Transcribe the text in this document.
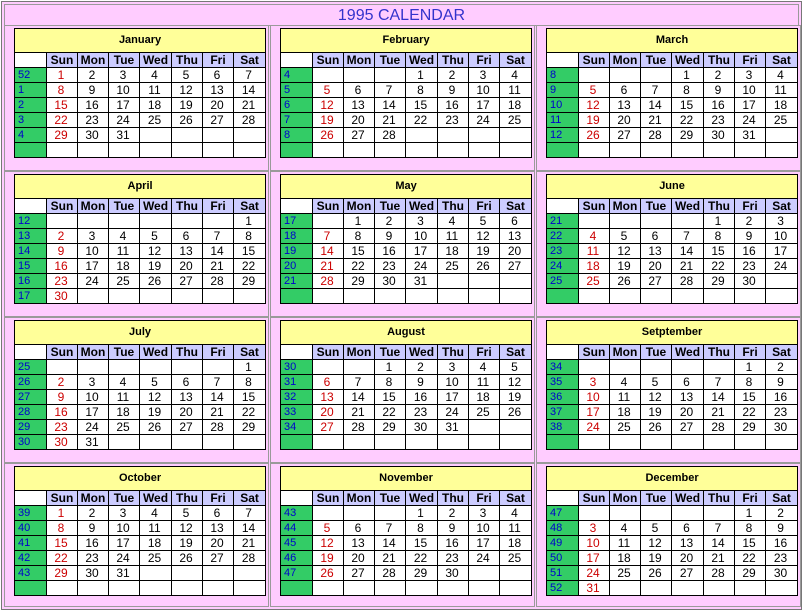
1995 CALENDAR
January							
	Sun	Mon	Tue	Wed	Thu	Fri	Sat
52	1	2	3	4	5	6	7
1	8	9	10	11	12	13	14
2	15	16	17	18	19	20	21
3	22	23	24	25	26	27	28
4	29	30	31				

February							
	Sun	Mon	Tue	Wed	Thu	Fri	Sat
4				1	2	3	4
5	5	6	7	8	9	10	11
6	12	13	14	15	16	17	18
7	19	20	21	22	23	24	25
8	26	27	28				

March							
	Sun	Mon	Tue	Wed	Thu	Fri	Sat
8				1	2	3	4
9	5	6	7	8	9	10	11
10	12	13	14	15	16	17	18
11	19	20	21	22	23	24	25
12	26	27	28	29	30	31	

April							
	Sun	Mon	Tue	Wed	Thu	Fri	Sat
12							1
13	2	3	4	5	6	7	8
14	9	10	11	12	13	14	15
15	16	17	18	19	20	21	22
16	23	24	25	26	27	28	29
17	30						
May							
	Sun	Mon	Tue	Wed	Thu	Fri	Sat
17		1	2	3	4	5	6
18	7	8	9	10	11	12	13
19	14	15	16	17	18	19	20
20	21	22	23	24	25	26	27
21	28	29	30	31			

June							
	Sun	Mon	Tue	Wed	Thu	Fri	Sat
21					1	2	3
22	4	5	6	7	8	9	10
23	11	12	13	14	15	16	17
24	18	19	20	21	22	23	24
25	25	26	27	28	29	30	

July							
	Sun	Mon	Tue	Wed	Thu	Fri	Sat
25							1
26	2	3	4	5	6	7	8
27	9	10	11	12	13	14	15
28	16	17	18	19	20	21	22
29	23	24	25	26	27	28	29
30	30	31					
August							
	Sun	Mon	Tue	Wed	Thu	Fri	Sat
30			1	2	3	4	5
31	6	7	8	9	10	11	12
32	13	14	15	16	17	18	19
33	20	21	22	23	24	25	26
34	27	28	29	30	31		

Setptember							
	Sun	Mon	Tue	Wed	Thu	Fri	Sat
34						1	2
35	3	4	5	6	7	8	9
36	10	11	12	13	14	15	16
37	17	18	19	20	21	22	23
38	24	25	26	27	28	29	30

October							
	Sun	Mon	Tue	Wed	Thu	Fri	Sat
39	1	2	3	4	5	6	7
40	8	9	10	11	12	13	14
41	15	16	17	18	19	20	21
42	22	23	24	25	26	27	28
43	29	30	31				

November							
	Sun	Mon	Tue	Wed	Thu	Fri	Sat
43				1	2	3	4
44	5	6	7	8	9	10	11
45	12	13	14	15	16	17	18
46	19	20	21	22	23	24	25
47	26	27	28	29	30		

December							
	Sun	Mon	Tue	Wed	Thu	Fri	Sat
47						1	2
48	3	4	5	6	7	8	9
49	10	11	12	13	14	15	16
50	17	18	19	20	21	22	23
51	24	25	26	27	28	29	30
52	31						
